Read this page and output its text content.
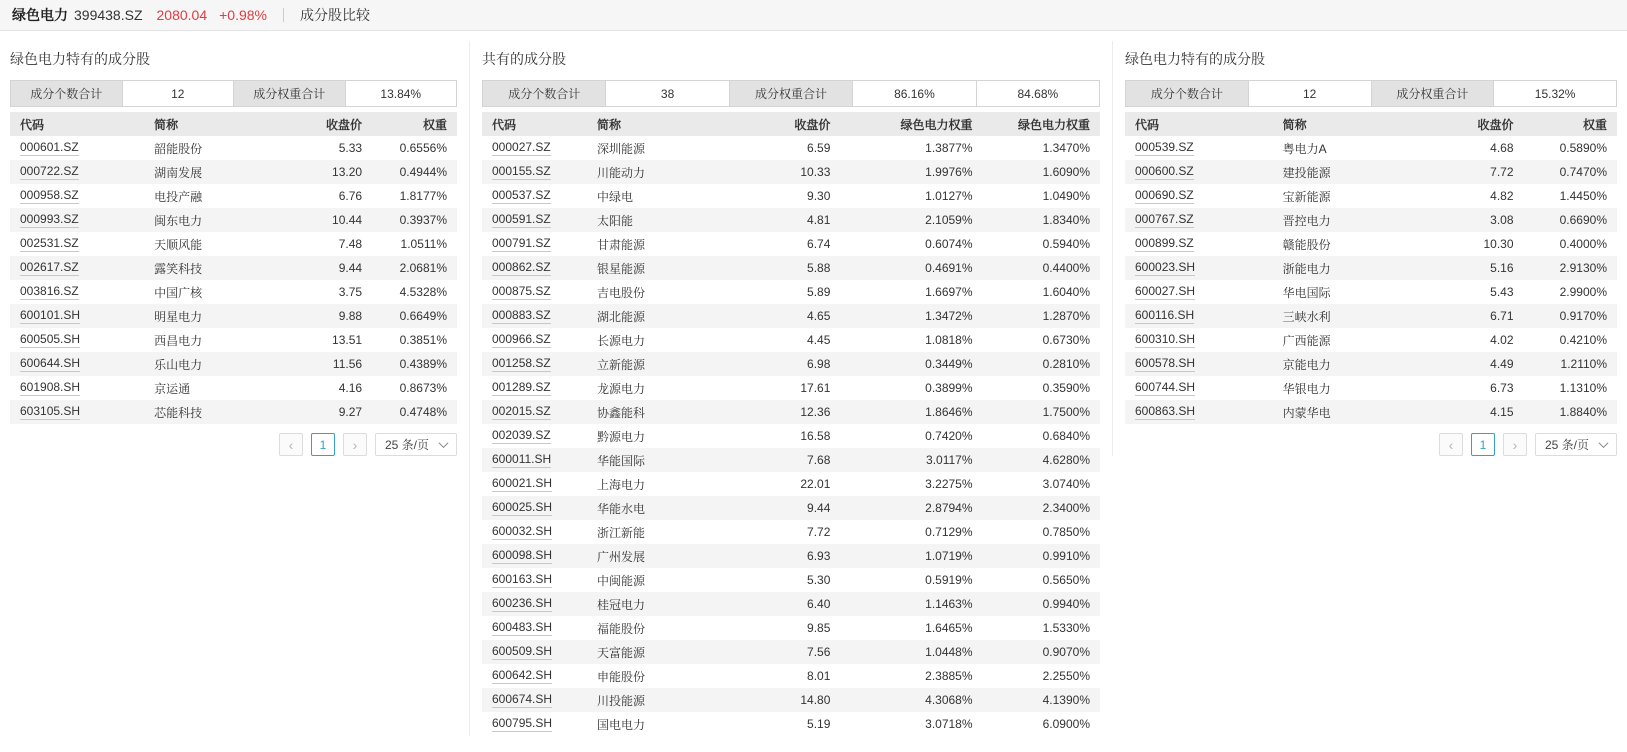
绿色电力 399438.SZ 2080.04 +0.98% 成分股比较
绿色电力特有的成分股
成分个数合计	12	成分权重合计	13.84%
代码	简称	收盘价	权重
000601.SZ	韶能股份	5.33	0.6556%
000722.SZ	湖南发展	13.20	0.4944%
000958.SZ	电投产融	6.76	1.8177%
000993.SZ	闽东电力	10.44	0.3937%
002531.SZ	天顺风能	7.48	1.0511%
002617.SZ	露笑科技	9.44	2.0681%
003816.SZ	中国广核	3.75	4.5328%
600101.SH	明星电力	9.88	0.6649%
600505.SH	西昌电力	13.51	0.3851%
600644.SH	乐山电力	11.56	0.4389%
601908.SH	京运通	4.16	0.8673%
603105.SH	芯能科技	9.27	0.4748%
‹	1	› 25 条/页
共有的成分股
成分个数合计	38	成分权重合计	86.16%	84.68%
代码	简称	收盘价	绿色电力权重	绿色电力权重
000027.SZ	深圳能源	6.59	1.3877%	1.3470%
000155.SZ	川能动力	10.33	1.9976%	1.6090%
000537.SZ	中绿电	9.30	1.0127%	1.0490%
000591.SZ	太阳能	4.81	2.1059%	1.8340%
000791.SZ	甘肃能源	6.74	0.6074%	0.5940%
000862.SZ	银星能源	5.88	0.4691%	0.4400%
000875.SZ	吉电股份	5.89	1.6697%	1.6040%
000883.SZ	湖北能源	4.65	1.3472%	1.2870%
000966.SZ	长源电力	4.45	1.0818%	0.6730%
001258.SZ	立新能源	6.98	0.3449%	0.2810%
001289.SZ	龙源电力	17.61	0.3899%	0.3590%
002015.SZ	协鑫能科	12.36	1.8646%	1.7500%
002039.SZ	黔源电力	16.58	0.7420%	0.6840%
600011.SH	华能国际	7.68	3.0117%	4.6280%
600021.SH	上海电力	22.01	3.2275%	3.0740%
600025.SH	华能水电	9.44	2.8794%	2.3400%
600032.SH	浙江新能	7.72	0.7129%	0.7850%
600098.SH	广州发展	6.93	1.0719%	0.9910%
600163.SH	中闽能源	5.30	0.5919%	0.5650%
600236.SH	桂冠电力	6.40	1.1463%	0.9940%
600483.SH	福能股份	9.85	1.6465%	1.5330%
600509.SH	天富能源	7.56	1.0448%	0.9070%
600642.SH	申能股份	8.01	2.3885%	2.2550%
600674.SH	川投能源	14.80	4.3068%	4.1390%
600795.SH	国电电力	5.19	3.0718%	6.0900%
绿色电力特有的成分股
成分个数合计	12	成分权重合计	15.32%
代码	简称	收盘价	权重
000539.SZ	粤电力A	4.68	0.5890%
000600.SZ	建投能源	7.72	0.7470%
000690.SZ	宝新能源	4.82	1.4450%
000767.SZ	晋控电力	3.08	0.6690%
000899.SZ	赣能股份	10.30	0.4000%
600023.SH	浙能电力	5.16	2.9130%
600027.SH	华电国际	5.43	2.9900%
600116.SH	三峡水利	6.71	0.9170%
600310.SH	广西能源	4.02	0.4210%
600578.SH	京能电力	4.49	1.2110%
600744.SH	华银电力	6.73	1.1310%
600863.SH	内蒙华电	4.15	1.8840%
‹	1	› 25 条/页
